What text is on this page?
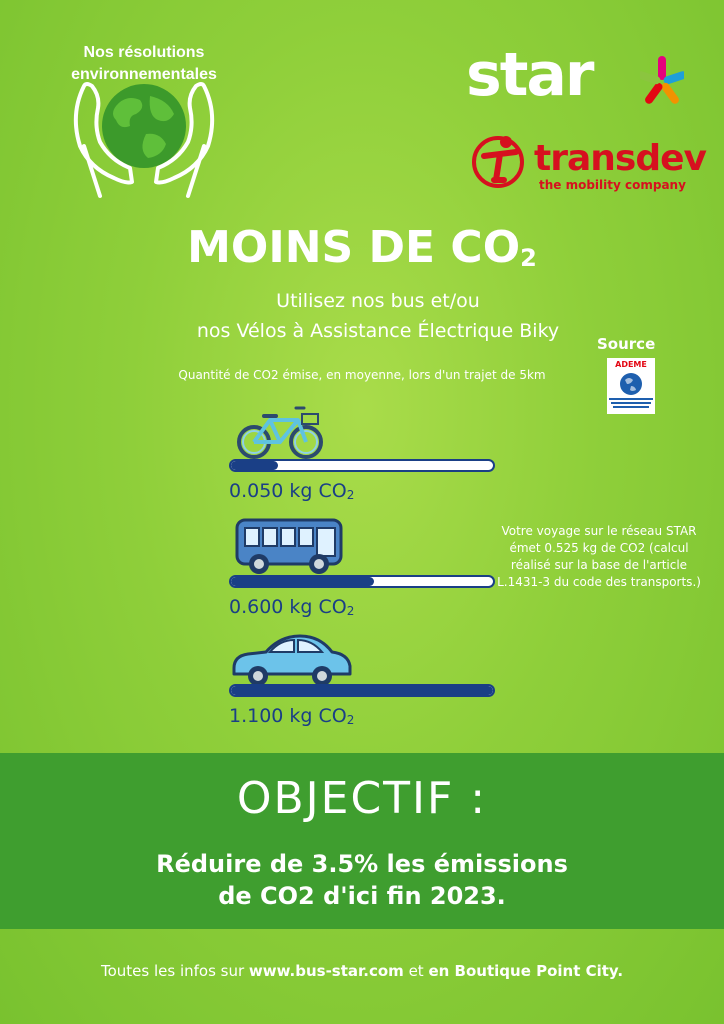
Nos résolutions environnementales	star
transdev
the mobility company
MOINS DE $CO_2$
Utilisez nos bus et/ou
nos Vélos à Assistance Électrique Biky
Quantité de CO2 émise, en moyenne, lors d'un trajet de 5km
Source
ADEME
0.050 kg $CO_2$
0.600 kg $CO_2$
1.100 kg $CO_2$
Votre voyage sur le réseau STAR émet 0.525 kg de CO2 (calcul réalisé sur la base de l'article L.1431-3 du code des transports.)
OBJECTIF :
Réduire de 3.5% les émissions
de CO2 d'ici fin 2023.
Toutes les infos sur www.bus-star.com et en Boutique Point City.
